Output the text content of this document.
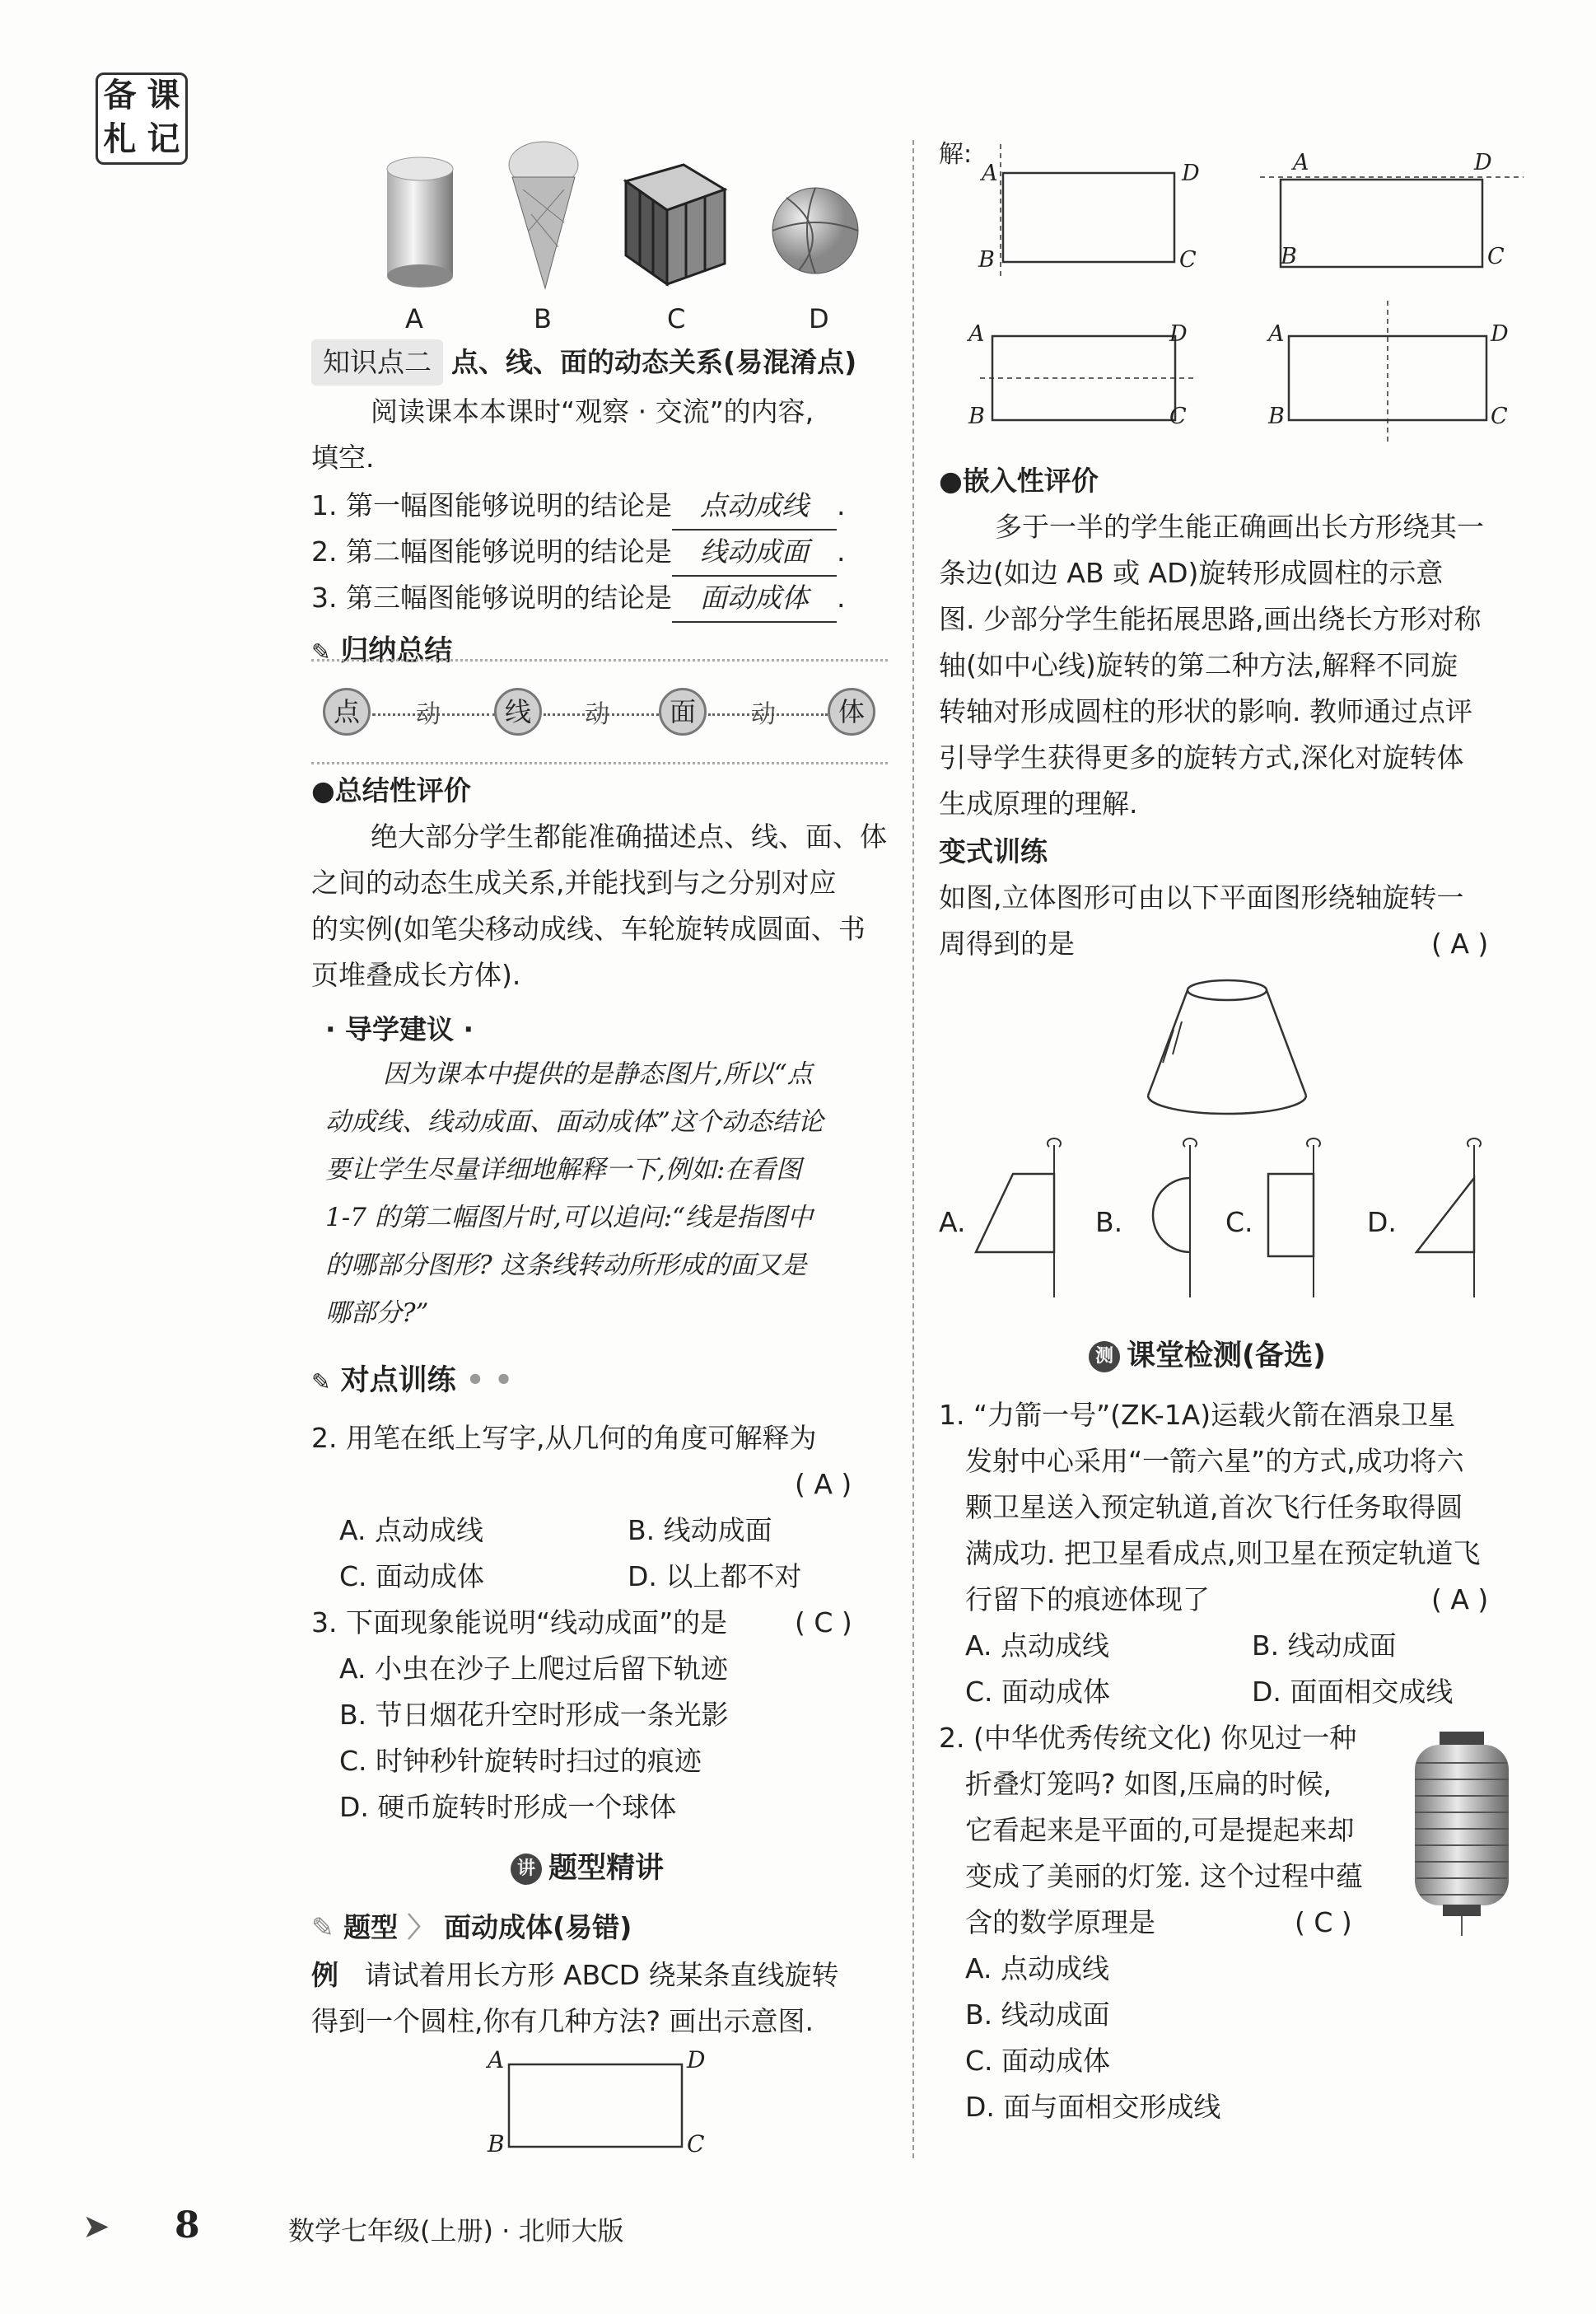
备 课
札 记
A	B	C	D
知识点二 点、线、面的动态关系(易混淆点)
阅读课本本课时“观察 · 交流”的内容,
填空.
1. 第一幅图能够说明的结论是 点动成线 .
2. 第二幅图能够说明的结论是 线动成面 .
3. 第三幅图能够说明的结论是 面动成体 .
✎ 归纳总结
点	动	线	动	面	动	体
●总结性评价
绝大部分学生都能准确描述点、线、面、体
之间的动态生成关系,并能找到与之分别对应
的实例(如笔尖移动成线、车轮旋转成圆面、书
页堆叠成长方体).
· 导学建议 ·
因为课本中提供的是静态图片,所以“点
动成线、线动成面、面动成体”这个动态结论
要让学生尽量详细地解释一下,例如:在看图
1-7 的第二幅图片时,可以追问:“线是指图中
的哪部分图形? 这条线转动所形成的面又是
哪部分?”
✎ 对点训练 • •
2. 用笔在纸上写字,从几何的角度可解释为
( A )
A. 点动成线	B. 线动成面
C. 面动成体	D. 以上都不对
3. 下面现象能说明“线动成面”的是 ( C )
A. 小虫在沙子上爬过后留下轨迹
B. 节日烟花升空时形成一条光影
C. 时钟秒针旋转时扫过的痕迹
D. 硬币旋转时形成一个球体
讲 题型精讲
✎ 题型 〉 面动成体(易错)
例 请试着用长方形 ABCD 绕某条直线旋转
得到一个圆柱,你有几种方法? 画出示意图.
A	D
B	C
解:
A	D
B	C
A	D
B	C
A	D
B	C
A	D
B	C
●嵌入性评价
多于一半的学生能正确画出长方形绕其一
条边(如边 AB 或 AD)旋转形成圆柱的示意
图. 少部分学生能拓展思路,画出绕长方形对称
轴(如中心线)旋转的第二种方法,解释不同旋
转轴对形成圆柱的形状的影响. 教师通过点评
引导学生获得更多的旋转方式,深化对旋转体
生成原理的理解.
变式训练
如图,立体图形可由以下平面图形绕轴旋转一
周得到的是	( A )
A.	B.	C.	D.
测 课堂检测(备选)
1. “力箭一号”(ZK-1A)运载火箭在酒泉卫星
发射中心采用“一箭六星”的方式,成功将六
颗卫星送入预定轨道,首次飞行任务取得圆
满成功. 把卫星看成点,则卫星在预定轨道飞
行留下的痕迹体现了	( A )
A. 点动成线	B. 线动成面
C. 面动成体	D. 面面相交成线
2. (中华优秀传统文化) 你见过一种
折叠灯笼吗? 如图,压扁的时候,
它看起来是平面的,可是提起来却
变成了美丽的灯笼. 这个过程中蕴
含的数学原理是	( C )
A. 点动成线
B. 线动成面
C. 面动成体
D. 面与面相交形成线
➤ 8	数学七年级(上册) · 北师大版
